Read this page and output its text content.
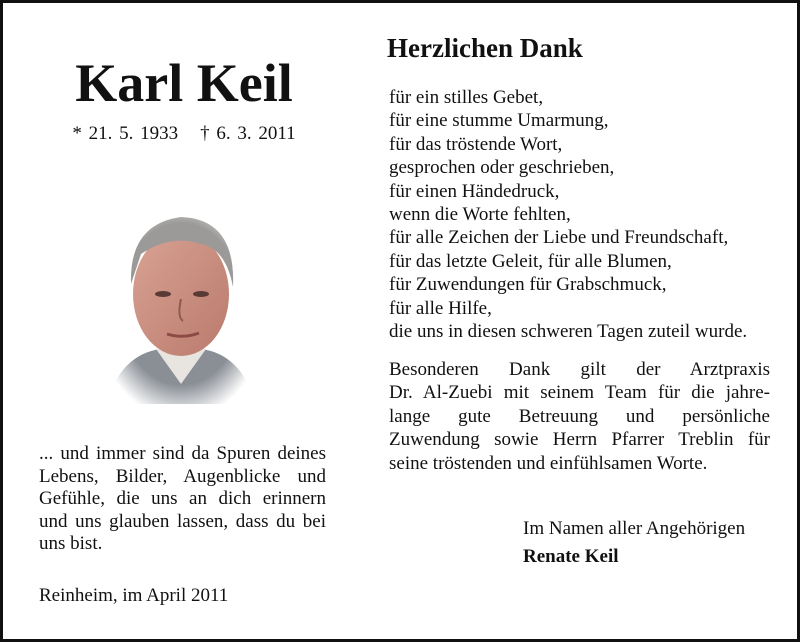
Karl Keil
* 21. 5. 1933 † 6. 3. 2011
... und immer sind da Spuren deines
Lebens, Bilder, Augenblicke und
Gefühle, die uns an dich erinnern
und uns glauben lassen, dass du bei
uns bist.
Reinheim, im April 2011
Herzlichen Dank
für ein stilles Gebet,
für eine stumme Umarmung,
für das tröstende Wort,
gesprochen oder geschrieben,
für einen Händedruck,
wenn die Worte fehlten,
für alle Zeichen der Liebe und Freundschaft,
für das letzte Geleit, für alle Blumen,
für Zuwendungen für Grabschmuck,
für alle Hilfe,
die uns in diesen schweren Tagen zuteil wurde.
Besonderen Dank gilt der Arztpraxis
Dr. Al-Zuebi mit seinem Team für die jahre-
lange gute Betreuung und persönliche
Zuwendung sowie Herrn Pfarrer Treblin für
seine tröstenden und einfühlsamen Worte.
Im Namen aller Angehörigen
Renate Keil
